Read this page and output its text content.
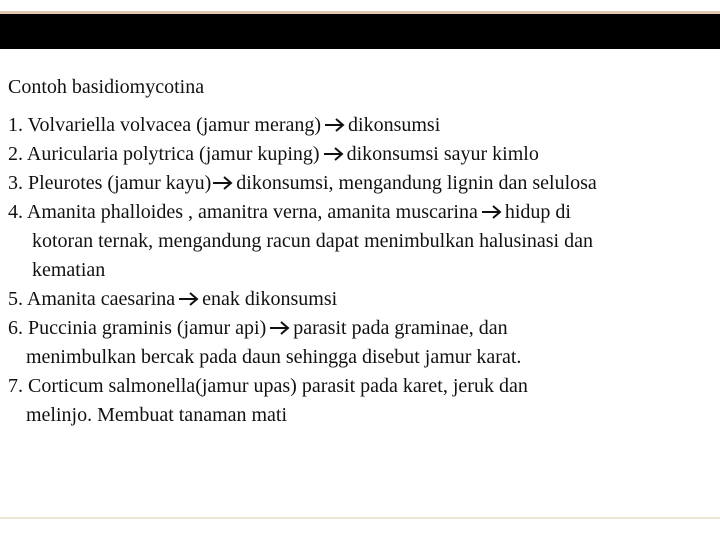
Contoh basidiomycotina
1. Volvariella volvacea (jamur merang) dikonsumsi
2. Auricularia polytrica (jamur kuping) dikonsumsi sayur kimlo
3. Pleurotes (jamur kayu) dikonsumsi, mengandung lignin dan selulosa
4. Amanita phalloides , amanitra verna, amanita muscarina hidup di
kotoran ternak, mengandung racun dapat menimbulkan halusinasi dan
kematian
5. Amanita caesarina enak dikonsumsi
6. Puccinia graminis (jamur api) parasit pada graminae, dan
menimbulkan bercak pada daun sehingga disebut jamur karat.
7. Corticum salmonella(jamur upas) parasit pada karet, jeruk dan
melinjo. Membuat tanaman mati
